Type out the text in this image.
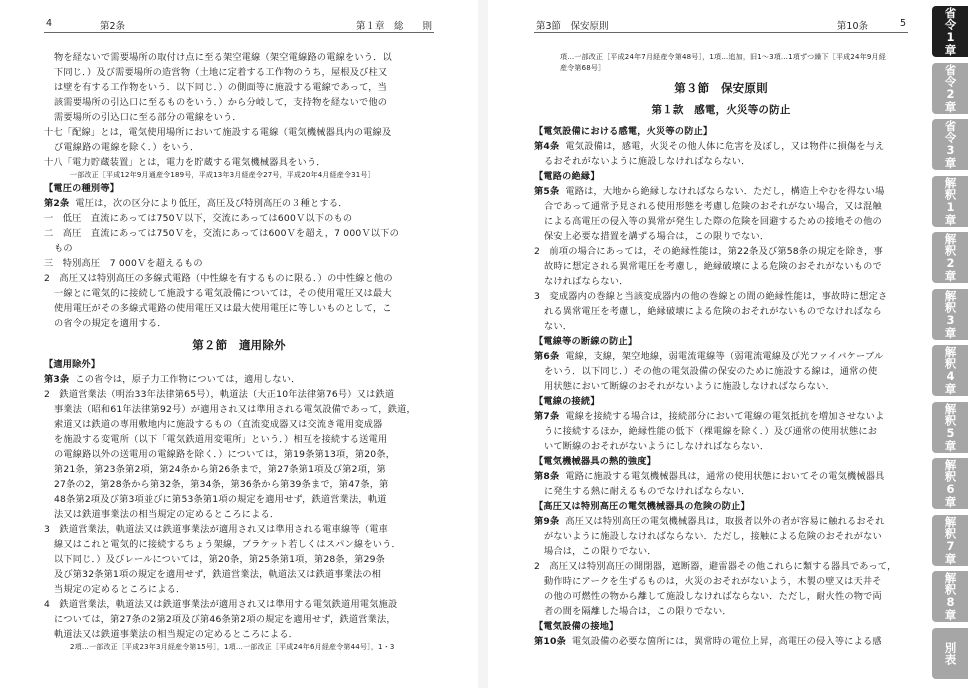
4	第2条	第１章　総　　則
物を経ないで需要場所の取付け点に至る架空電線（架空電線路の電線をいう．以
下同じ．）及び需要場所の造営物（土地に定着する工作物のうち，屋根及び柱又
は壁を有する工作物をいう．以下同じ．）の側面等に施設する電線であって，当
該需要場所の引込口に至るものをいう．）から分岐して，支持物を経ないで他の
需要場所の引込口に至る部分の電線をいう．
十七「配線」とは，電気使用場所において施設する電線（電気機械器具内の電線及
び電線路の電線を除く．）をいう．
十八「電力貯蔵装置」とは，電力を貯蔵する電気機械器具をいう．
一部改正［平成12年9月通産令189号，平成13年3月経産令27号，平成20年4月経産令31号］
【電圧の種別等】
第2条 電圧は，次の区分により低圧，高圧及び特別高圧の３種とする．
一　低圧　直流にあっては750Ｖ以下，交流にあっては600Ｖ以下のもの
二　高圧　直流にあっては750Ｖを，交流にあっては600Ｖを超え，7 000Ｖ以下の
もの
三　特別高圧　7 000Ｖを超えるもの
2　高圧又は特別高圧の多線式電路（中性線を有するものに限る．）の中性線と他の
一線とに電気的に接続して施設する電気設備については，その使用電圧又は最大
使用電圧がその多線式電路の使用電圧又は最大使用電圧に等しいものとして，こ
の省令の規定を適用する．
第２節　適用除外
【適用除外】
第3条 この省令は，原子力工作物については，適用しない．
2　鉄道営業法（明治33年法律第65号），軌道法（大正10年法律第76号）又は鉄道
事業法（昭和61年法律第92号）が適用され又は準用される電気設備であって，鉄道，
索道又は鉄道の専用敷地内に施設するもの（直流変成器又は交流き電用変成器
を施設する変電所（以下「電気鉄道用変電所」という．）相互を接続する送電用
の電線路以外の送電用の電線路を除く．）については，第19条第13項，第20条，
第21条，第23条第2項，第24条から第26条まで，第27条第1項及び第2項，第
27条の2，第28条から第32条，第34条，第36条から第39条まで，第47条，第
48条第2項及び第3項並びに第53条第1項の規定を適用せず，鉄道営業法，軌道
法又は鉄道事業法の相当規定の定めるところによる．
3　鉄道営業法，軌道法又は鉄道事業法が適用され又は準用される電車線等（電車
線又はこれと電気的に接続するちょう架線，ブラケット若しくはスパン線をいう．
以下同じ．）及びレールについては，第20条，第25条第1項，第28条，第29条
及び第32条第1項の規定を適用せず，鉄道営業法，軌道法又は鉄道事業法の相
当規定の定めるところによる．
4　鉄道営業法，軌道法又は鉄道事業法が適用され又は準用する電気鉄道用電気施設
については，第27条の2第2項及び第46条第2項の規定を適用せず，鉄道営業法，
軌道法又は鉄道事業法の相当規定の定めるところによる．
2項…一部改正［平成23年3月経産令第15号］，1項…一部改正［平成24年6月経産令第44号］，1・3
第3節　保安原則	第10条	5
項…一部改正［平成24年7月経産令第48号］，1項…追加，旧1〜3項…1項ずつ繰下［平成24年9月経
産令第68号］
第３節　保安原則
第１款　感電，火災等の防止
【電気設備における感電，火災等の防止】
第4条 電気設備は，感電，火災その他人体に危害を及ぼし，又は物件に損傷を与え
るおそれがないように施設しなければならない．
【電路の絶縁】
第5条 電路は，大地から絶縁しなければならない．ただし，構造上やむを得ない場
合であって通常予見される使用形態を考慮し危険のおそれがない場合，又は混触
による高電圧の侵入等の異常が発生した際の危険を回避するための接地その他の
保安上必要な措置を講ずる場合は，この限りでない．
2　前項の場合にあっては，その絶縁性能は，第22条及び第58条の規定を除き，事
故時に想定される異常電圧を考慮し，絶縁破壊による危険のおそれがないもので
なければならない．
3　変成器内の巻線と当該変成器内の他の巻線との間の絶縁性能は，事故時に想定さ
れる異常電圧を考慮し，絶縁破壊による危険のおそれがないものでなければなら
ない．
【電線等の断線の防止】
第6条 電線，支線，架空地線，弱電流電線等（弱電流電線及び光ファイバケーブル
をいう．以下同じ．）その他の電気設備の保安のために施設する線は，通常の使
用状態において断線のおそれがないように施設しなければならない．
【電線の接続】
第7条 電線を接続する場合は，接続部分において電線の電気抵抗を増加させないよ
うに接続するほか，絶縁性能の低下（裸電線を除く．）及び通常の使用状態にお
いて断線のおそれがないようにしなければならない．
【電気機械器具の熱的強度】
第8条 電路に施設する電気機械器具は，通常の使用状態においてその電気機械器具
に発生する熱に耐えるものでなければならない．
【高圧又は特別高圧の電気機械器具の危険の防止】
第9条 高圧又は特別高圧の電気機械器具は，取扱者以外の者が容易に触れるおそれ
がないように施設しなければならない．ただし，接触による危険のおそれがない
場合は，この限りでない．
2　高圧又は特別高圧の開閉器，遮断器，避雷器その他これらに類する器具であって，
動作時にアークを生ずるものは，火災のおそれがないよう，木製の壁又は天井そ
の他の可燃性の物から離して施設しなければならない．ただし，耐火性の物で両
者の間を隔離した場合は，この限りでない．
【電気設備の接地】
第10条 電気設備の必要な箇所には，異常時の電位上昇，高電圧の侵入等による感
省令1章
省令2章
省令3章
解釈1章
解釈2章
解釈3章
解釈4章
解釈5章
解釈6章
解釈7章
解釈8章
別表
